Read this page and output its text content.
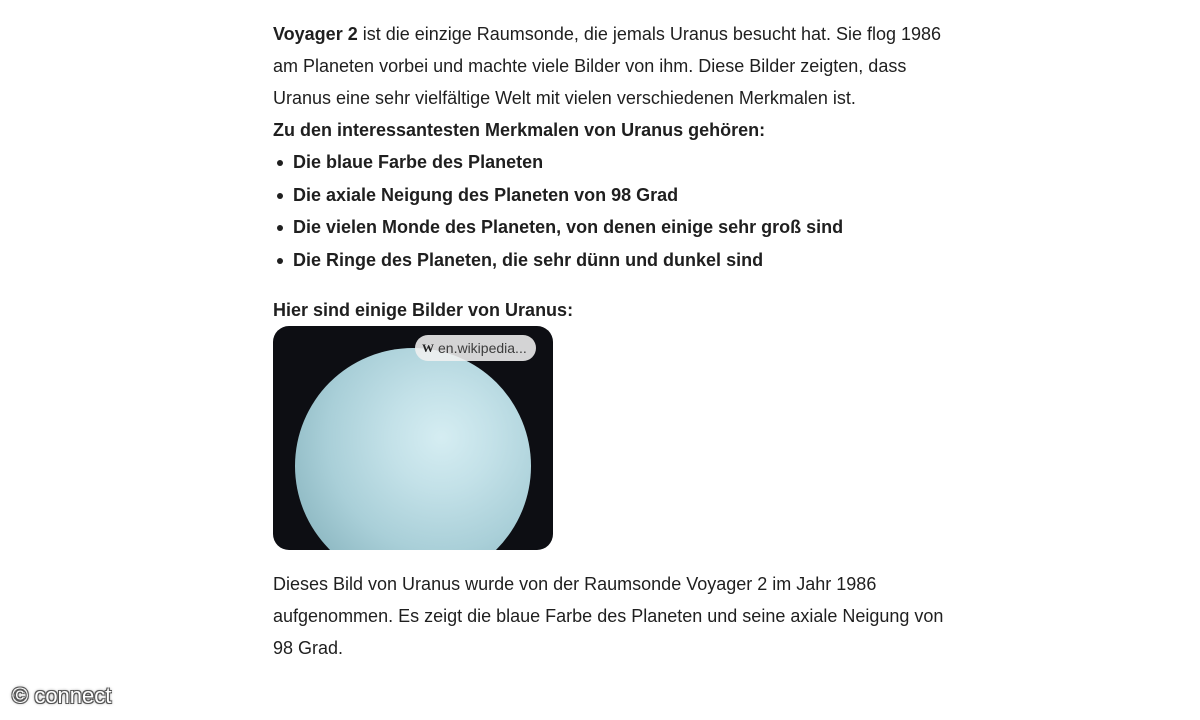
Voyager 2 ist die einzige Raumsonde, die jemals Uranus besucht hat. Sie flog 1986 am Planeten vorbei und machte viele Bilder von ihm. Diese Bilder zeigten, dass Uranus eine sehr vielfältige Welt mit vielen verschiedenen Merkmalen ist.

Zu den interessantesten Merkmalen von Uranus gehören:

Die blaue Farbe des Planeten
Die axiale Neigung des Planeten von 98 Grad
Die vielen Monde des Planeten, von denen einige sehr groß sind
Die Ringe des Planeten, die sehr dünn und dunkel sind

Hier sind einige Bilder von Uranus:

W en.wikipedia...

Dieses Bild von Uranus wurde von der Raumsonde Voyager 2 im Jahr 1986 aufgenommen. Es zeigt die blaue Farbe des Planeten und seine axiale Neigung von 98 Grad.

© connect
